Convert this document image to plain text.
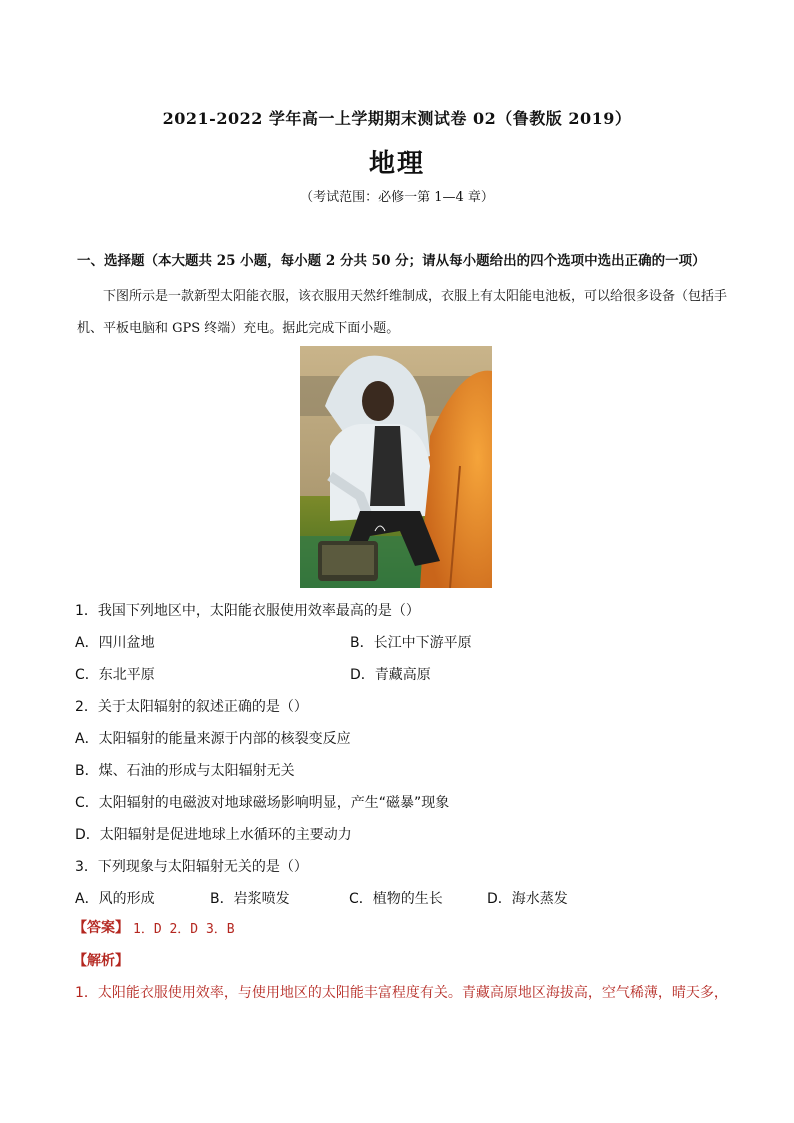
2021-2022 学年高一上学期期末测试卷 02（鲁教版 2019）
地理
（考试范围：必修一第 1—4 章）
一、选择题（本大题共 25 小题，每小题 2 分共 50 分；请从每小题给出的四个选项中选出正确的一项）
下图所示是一款新型太阳能衣服，该衣服用天然纤维制成，衣服上有太阳能电池板，可以给很多设备（包括手机、平板电脑和 GPS 终端）充电。据此完成下面小题。
1．我国下列地区中，太阳能衣服使用效率最高的是（）
A．四川盆地	B．长江中下游平原
C．东北平原	D．青藏高原
2．关于太阳辐射的叙述正确的是（）
A．太阳辐射的能量来源于内部的核裂变反应
B．煤、石油的形成与太阳辐射无关
C．太阳辐射的电磁波对地球磁场影响明显，产生“磁暴”现象
D．太阳辐射是促进地球上水循环的主要动力
3．下列现象与太阳辐射无关的是（）
A．风的形成	B．岩浆喷发	C．植物的生长	D．海水蒸发
【答案】 1．D 2．D 3．B
【解析】
1．太阳能衣服使用效率，与使用地区的太阳能丰富程度有关。青藏高原地区海拔高，空气稀薄，晴天多，
